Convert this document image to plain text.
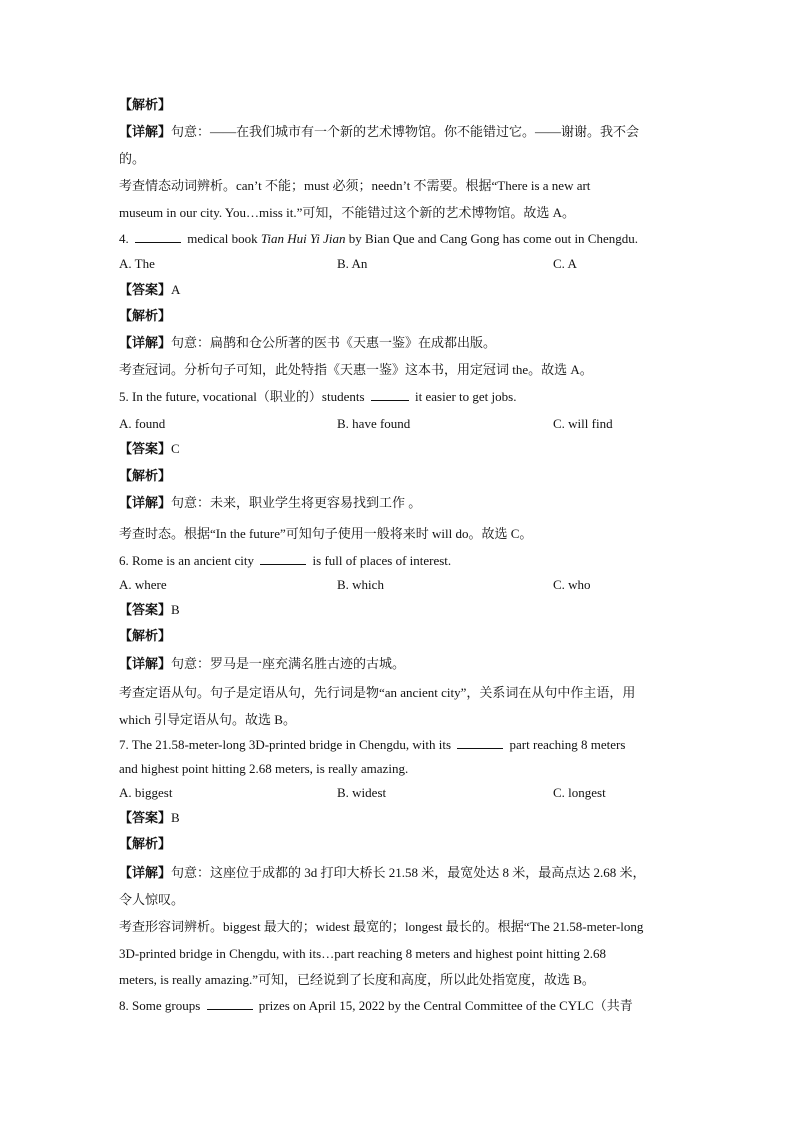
【解析】
【详解】句意：——在我们城市有一个新的艺术博物馆。你不能错过它。——谢谢。我不会
的。
考查情态动词辨析。can’t 不能；must 必须；needn’t 不需要。根据“There is a new art
museum in our city. You…miss it.”可知，不能错过这个新的艺术博物馆。故选 A。
4.	medical book Tian Hui Yi Jian by Bian Que and Cang Gong has come out in Chengdu.
A. The	B. An	C. A
【答案】A
【解析】
【详解】句意：扁鹊和仓公所著的医书《天惠一鉴》在成都出版。
考查冠词。分析句子可知，此处特指《天惠一鉴》这本书，用定冠词 the。故选 A。
5. In the future, vocational（职业的）students	it easier to get jobs.
A. found	B. have found	C. will find
【答案】C
【解析】
【详解】句意：未来，职业学生将更容易找到工作 。
考查时态。根据“In the future”可知句子使用一般将来时 will do。故选 C。
6. Rome is an ancient city	is full of places of interest.
A. where	B. which	C. who
【答案】B
【解析】
【详解】句意：罗马是一座充满名胜古迹的古城。
考查定语从句。句子是定语从句，先行词是物“an ancient city”，关系词在从句中作主语，用
which 引导定语从句。故选 B。
7. The 21.58-meter-long 3D-printed bridge in Chengdu, with its	part reaching 8 meters
and highest point hitting 2.68 meters, is really amazing.
A. biggest	B. widest	C. longest
【答案】B
【解析】
【详解】句意：这座位于成都的 3d 打印大桥长 21.58 米，最宽处达 8 米，最高点达 2.68 米，
令人惊叹。
考查形容词辨析。biggest 最大的；widest 最宽的；longest 最长的。根据“The 21.58-meter-long
3D-printed bridge in Chengdu, with its…part reaching 8 meters and highest point hitting 2.68
meters, is really amazing.”可知，已经说到了长度和高度，所以此处指宽度，故选 B。
8. Some groups	prizes on April 15, 2022 by the Central Committee of the CYLC（共青
